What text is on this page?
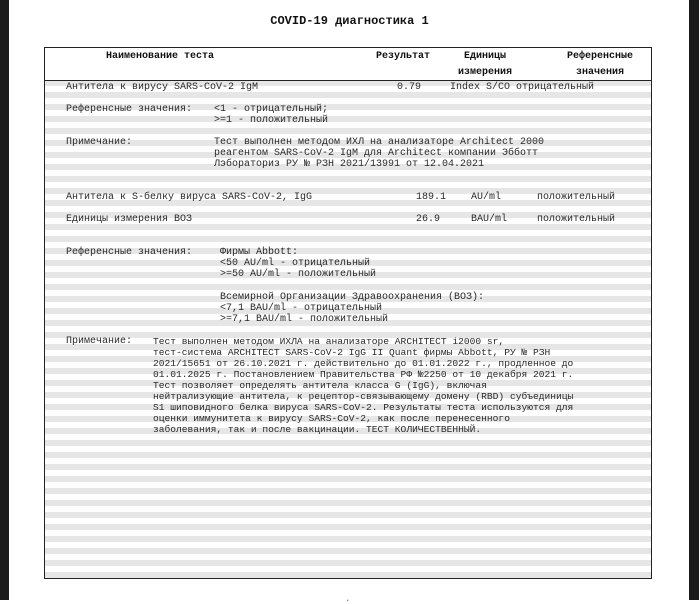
COVID-19 диагностика 1
Наименование теста	Результат	Единицы
измерения
Референсные
значения
Антитела к вирусу SARS-CoV-2 IgM	0.79	Index S/CO отрицательный
Референсные значения: <1 - отрицательный;
>=1 - положительный
Примечание:	Тест выполнен методом ИХЛ на анализаторе Architect 2000
реагентом SARS-CoV-2 IgM для Architect компании Эбботт
Лэбораториз РУ № РЗН 2021/13991 от 12.04.2021
Антитела к S-белку вируса SARS-CoV-2, IgG	189.1 AU/ml	положительный
Единицы измерения ВОЗ	26.9	BAU/ml	положительный
Референсные значения:	Фирмы Abbott:
<50 AU/ml - отрицательный
>=50 AU/ml - положительный
Всемирной Организации Здравоохранения (ВОЗ):
<7,1 BAU/ml - отрицательный
>=7,1 BAU/ml - положительный
Примечание: Тест выполнен методом ИХЛА на анализаторе ARCHITECT i2000 sr,
тест-система ARCHITECT SARS-CoV-2 IgG II Quant фирмы Abbott, РУ № РЗН
2021/15651 от 26.10.2021 г. действительно до 01.01.2022 г., продленное до
01.01.2025 г. Постановлением Правительства РФ №2250 от 10 декабря 2021 г.
Тест позволяет определять антитела класса G (IgG), включая
нейтрализующие антитела, к рецептор-связывающему домену (RBD) субъединицы
S1 шиповидного белка вируса SARS-CoV-2. Результаты теста используются для
оценки иммунитета к вирусу SARS-CoV-2, как после перенесенного
заболевания, так и после вакцинации. ТЕСТ КОЛИЧЕСТВЕННЫЙ.
.
